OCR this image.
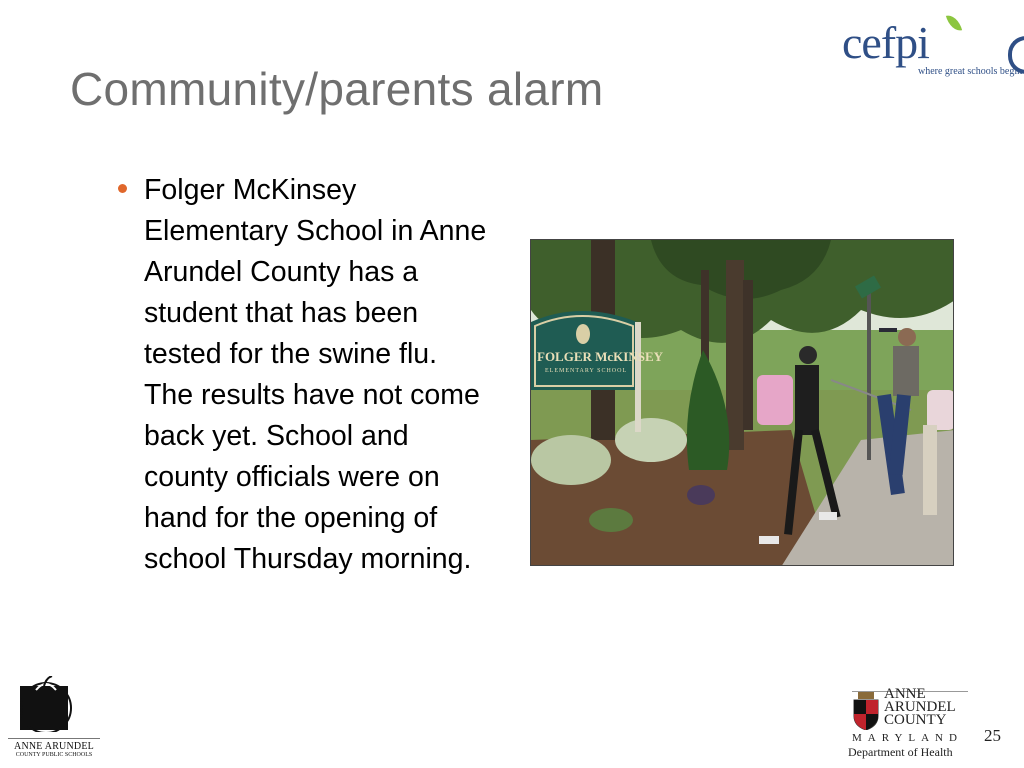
Community/parents alarm
cefpi
where great schools begin
Folger McKinsey Elementary School in Anne Arundel County has a student that has been tested for the swine flu. The results have not come back yet. School and county officials were on hand for the opening of school Thursday morning.
FOLGER McKINSEY
ELEMENTARY SCHOOL
ANNE ARUNDEL
COUNTY PUBLIC SCHOOLS
ANNE ARUNDEL COUNTY
MARYLAND
Department of Health
25
